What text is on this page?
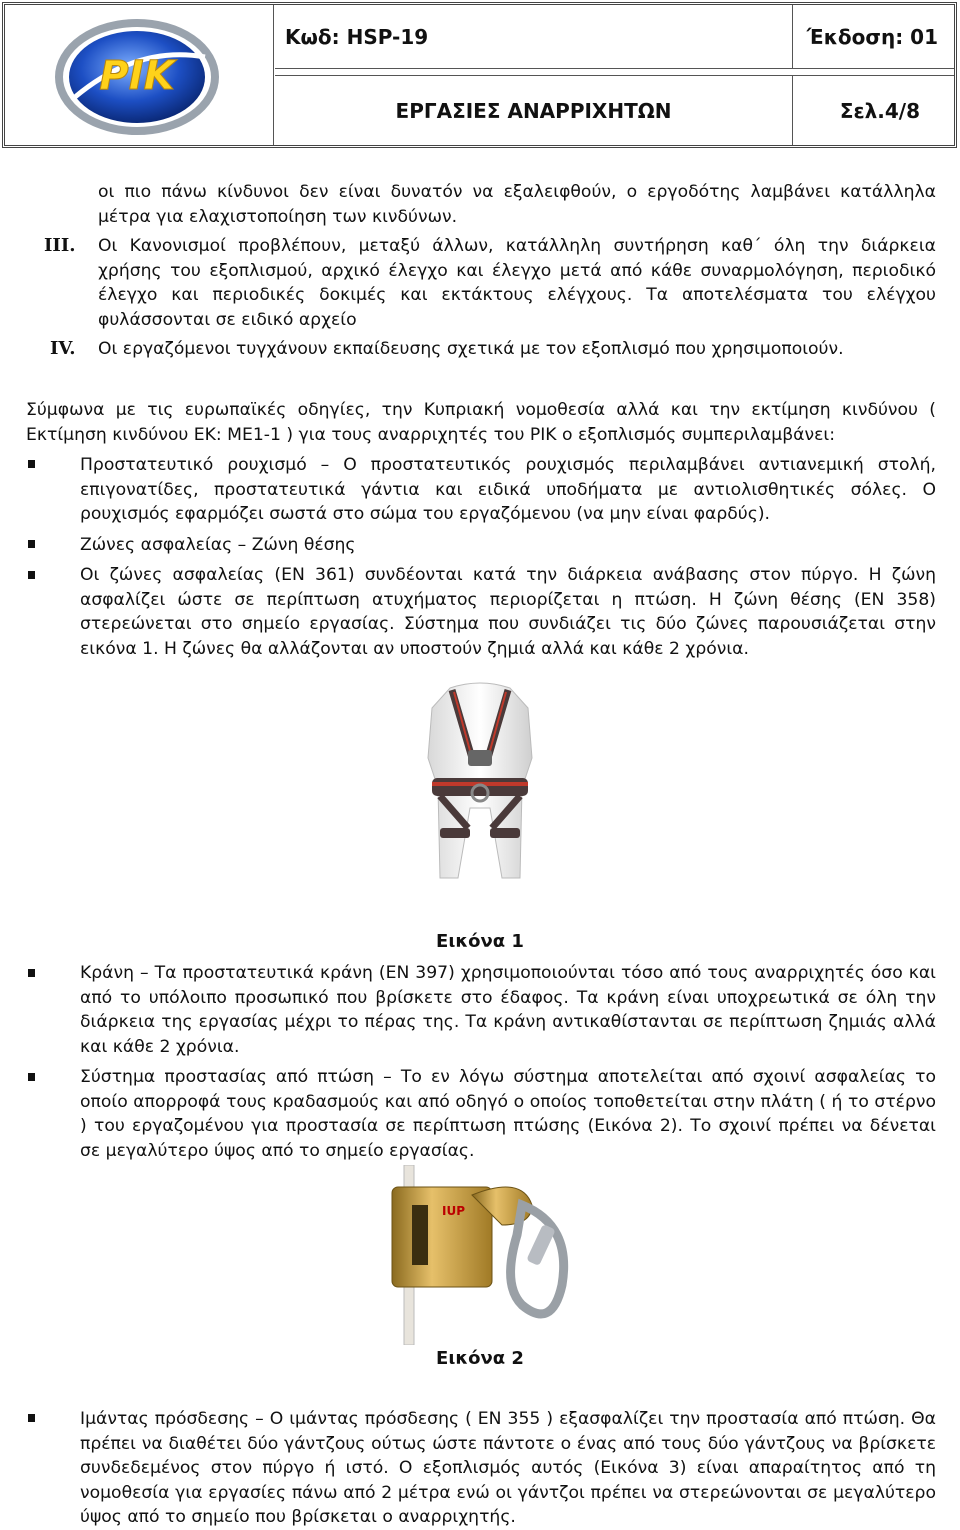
ΡΙΚ
Κωδ: HSP-19	Έκδοση: 01
ΕΡΓΑΣΙΕΣ ΑΝΑΡΡΙΧΗΤΩΝ	Σελ.4/8
οι πιο πάνω κίνδυνοι δεν είναι δυνατόν να εξαλειφθούν, ο εργοδότης λαμβάνει κατάλληλα μέτρα για ελαχιστοποίηση των κινδύνων.
III. Οι Κανονισμοί προβλέπουν, μεταξύ άλλων, κατάλληλη συντήρηση καθ΄ όλη την διάρκεια χρήσης του εξοπλισμού, αρχικό έλεγχο και έλεγχο μετά από κάθε συναρμολόγηση, περιοδικό έλεγχο και περιοδικές δοκιμές και εκτάκτους ελέγχους. Τα αποτελέσματα του ελέγχου φυλάσσονται σε ειδικό αρχείο
IV. Οι εργαζόμενοι τυγχάνουν εκπαίδευσης σχετικά με τον εξοπλισμό που χρησιμοποιούν.
Σύμφωνα με τις ευρωπαϊκές οδηγίες, την Κυπριακή νομοθεσία αλλά και την εκτίμηση κινδύνου ( Εκτίμηση κινδύνου ΕΚ: ΜΕ1-1 ) για τους αναρριχητές του ΡΙΚ ο εξοπλισμός συμπεριλαμβάνει:
Προστατευτικό ρουχισμό – Ο προστατευτικός ρουχισμός περιλαμβάνει αντιανεμική στολή, επιγονατίδες, προστατευτικά γάντια και ειδικά υποδήματα με αντιολισθητικές σόλες. Ο ρουχισμός εφαρμόζει σωστά στο σώμα του εργαζόμενου (να μην είναι φαρδύς).
Ζώνες ασφαλείας – Ζώνη θέσης
Οι ζώνες ασφαλείας (EN 361) συνδέονται κατά την διάρκεια ανάβασης στον πύργο. Η ζώνη ασφαλίζει ώστε σε περίπτωση ατυχήματος περιορίζεται η πτώση. Η ζώνη θέσης (EN 358) στερεώνεται στο σημείο εργασίας. Σύστημα που συνδιάζει τις δύο ζώνες παρουσιάζεται στην εικόνα 1. Η ζώνες θα αλλάζονται αν υποστούν ζημιά αλλά και κάθε 2 χρόνια.
Εικόνα 1
Κράνη – Τα προστατευτικά κράνη (EN 397) χρησιμοποιούνται τόσο από τους αναρριχητές όσο και από το υπόλοιπο προσωπικό που βρίσκετε στο έδαφος. Τα κράνη είναι υποχρεωτικά σε όλη την διάρκεια της εργασίας μέχρι το πέρας της. Τα κράνη αντικαθίστανται σε περίπτωση ζημιάς αλλά και κάθε 2 χρόνια.
Σύστημα προστασίας από πτώση – Το εν λόγω σύστημα αποτελείται από σχοινί ασφαλείας το οποίο απορροφά τους κραδασμούς και από οδηγό ο οποίος τοποθετείται στην πλάτη ( ή το στέρνο ) του εργαζομένου για προστασία σε περίπτωση πτώσης (Εικόνα 2). Το σχοινί πρέπει να δένεται σε μεγαλύτερο ύψος από το σημείο εργασίας.
IUP
Εικόνα 2
Ιμάντας πρόσδεσης – Ο ιμάντας πρόσδεσης ( EN 355 ) εξασφαλίζει την προστασία από πτώση. Θα πρέπει να διαθέτει δύο γάντζους ούτως ώστε πάντοτε ο ένας από τους δύο γάντζους να βρίσκετε συνδεδεμένος στον πύργο ή ιστό. Ο εξοπλισμός αυτός (Εικόνα 3) είναι απαραίτητος από τη νομοθεσία για εργασίες πάνω από 2 μέτρα ενώ οι γάντζοι πρέπει να στερεώνονται σε μεγαλύτερο ύψος από το σημείο που βρίσκεται ο αναρριχητής.
